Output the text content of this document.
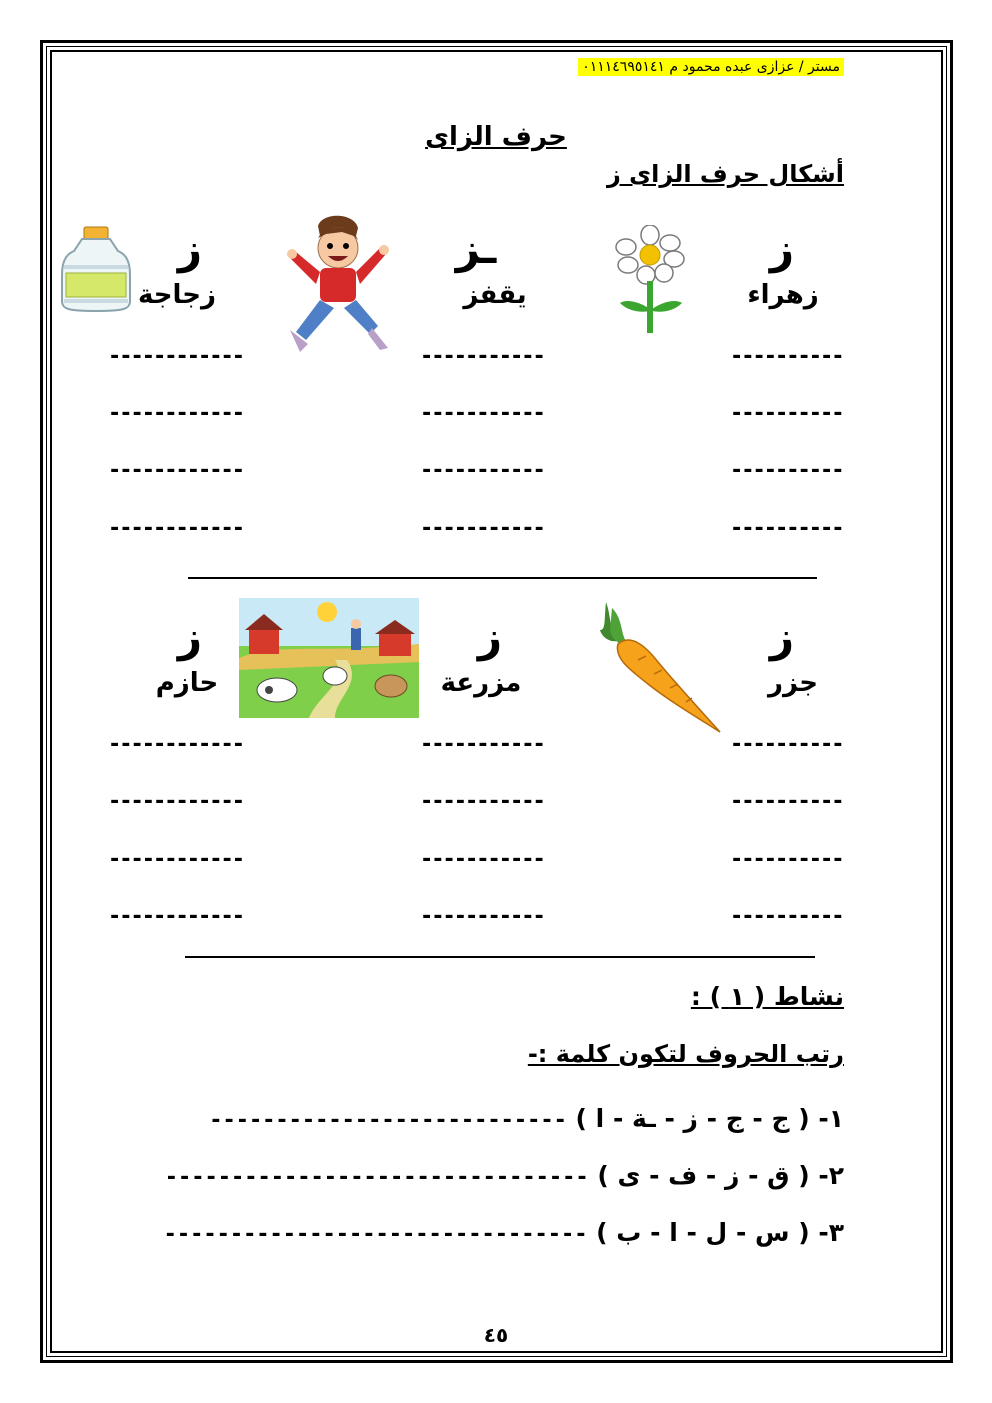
مستر / عزازى عبده محمود م ٠١١١٤٦٩٥١٤١
حرف الزاى
أشكال حرف الزاى ز
ز
زهراء
ـز
يقفز
ز
زجاجة
----------
-----------
------------
----------
-----------
------------
----------
-----------
------------
----------
-----------
------------
ز
جزر
ز
مزرعة
ز
حازم
----------
-----------
------------
----------
-----------
------------
----------
-----------
------------
----------
-----------
------------
نشاط ( ١ ) :
رتب الحروف لتكون كلمة :-
١- ( ج - ج - ز - ـة - ا ) ---------------------------
٢- ( ق - ز - ف - ى ) --------------------------------
٣- ( س - ل - ا - ب ) --------------------------------
٤٥
